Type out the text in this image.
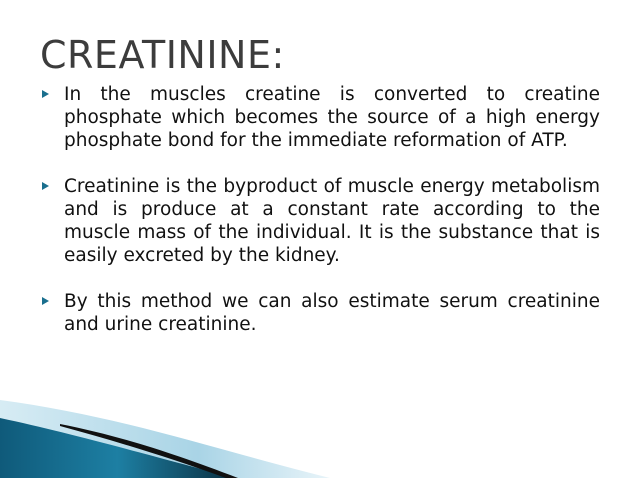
CREATININE:
In the muscles creatine is converted to creatine phosphate which becomes the source of a high energy phosphate bond for the immediate reformation of ATP.
Creatinine is the byproduct of muscle energy metabolism and is produce at a constant rate according to the muscle mass of the individual. It is the substance that is easily excreted by the kidney.
By this method we can also estimate serum creatinine and urine creatinine.
